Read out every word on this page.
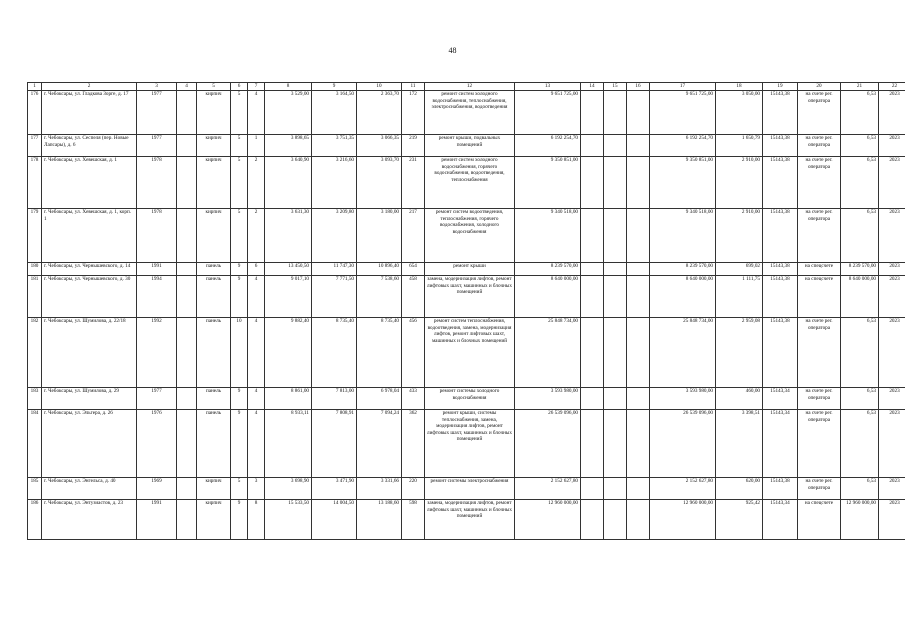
48
1	2	3	4	5	6	7	8	9	10	11	12	13	14	15	16	17	18	19	20	21	22
176	г. Чебоксары, ул. Гладкова Зорге, д. 17	1977		кирпич	5	4	3 529,00	3 164,50	2 363,70	172	ремонт систем холодного водоснабжения, теплоснабжения, электроснабжения, водоотведения	9 651 725,00				9 651 725,00	3 050,00	15143,38	на счете рег. оператора	6,53	2023
177	г. Чебоксары, ул. Сеспеля (пер. Новые Лапсары), д. 6	1977		кирпич	5	1	3 898,65	3 751,35	3 066,35	219	ремонт крыши, подвальных помещений	6 192 254,70				6 192 254,70	1 650,79	15143,38	на счете рег. оператора	6,53	2023
178	г. Чебоксары, ул. Хевешская, д. 1	1978		кирпич	5	2	3 640,90	3 216,60	3 093,70	231	ремонт систем холодного водоснабжения, горячего водоснабжения, водоотведения, теплоснабжения	9 350 851,00				9 350 851,00	2 910,00	15143,38	на счете рег. оператора	6,53	2023
179	г. Чебоксары, ул. Хевешская, д. 1, корп. 1	1978		кирпич	5	2	3 631,30	3 209,80	3 180,00	217	ремонт систем водоотведения, теплоснабжения, горячего водоснабжения, холодного водоснабжения	9 340 518,00				9 340 518,00	2 910,00	15143,38	на счете рег. оператора	6,53	2023
180	г. Чебоксары, ул. Чернышевского, д. 14	1991		панель	9	6	13 450,50	11 747,30	10 896,40	654	ремонт крыши	8 239 570,00				8 239 570,00	699,02	15143,38	на спецсчете	8 239 570,00	2023
181	г. Чебоксары, ул. Чернышевского, д. 30	1994		панель	9	4	9 017,10	7 771,50	7 538,60	458	замена, модернизация лифтов, ремонт лифтовых шахт, машинных и блочных помещений	8 640 000,00				8 640 000,00	1 111,75	15143,38	на спецсчете	8 640 000,00	2023
182	г. Чебоксары, ул. Шумилова, д. 22/18	1992		панель	10	4	9 882,40	8 735,40	8 735,40	456	ремонт систем теплоснабжения, водоотведения, замена, модернизация лифтов, ремонт лифтовых шахт, машинных и блочных помещений	25 848 734,00				25 848 734,00	2 959,08	15143,38	на счете рег. оператора	6,53	2023
183	г. Чебоксары, ул. Шумилова, д. 29	1977		панель	9	4	8 861,00	7 813,00	6 978,04	433	ремонт системы холодного водоснабжения	3 593 980,00				3 593 980,00	460,00	15143,34	на счете рег. оператора	6,53	2023
184	г. Чебоксары, ул. Эльгера, д. 26	1976		панель	9	4	8 933,11	7 808,91	7 094,24	362	ремонт крыши, системы теплоснабжения, замена, модернизация лифтов, ремонт лифтовых шахт, машинных и блочных помещений	26 539 096,00				26 539 096,00	3 398,51	15143,34	на счете рег. оператора	6,53	2023
185	г. Чебоксары, ул. Энгельса, д. 40	1969		кирпич	5	3	3 698,90	3 471,90	3 331,66	220	ремонт системы электроснабжения	2 152 627,80				2 152 627,80	620,00	15143,38	на счете рег. оператора	6,53	2023
186	г. Чебоксары, ул. Энтузиастов, д. 23	1991		кирпич	9	8	15 533,50	14 004,50	13 188,60	598	замена, модернизация лифтов, ремонт лифтовых шахт, машинных и блочных помещений	12 960 000,00				12 960 000,00	925,42	15143,34	на спецсчете	12 960 000,00	2023
